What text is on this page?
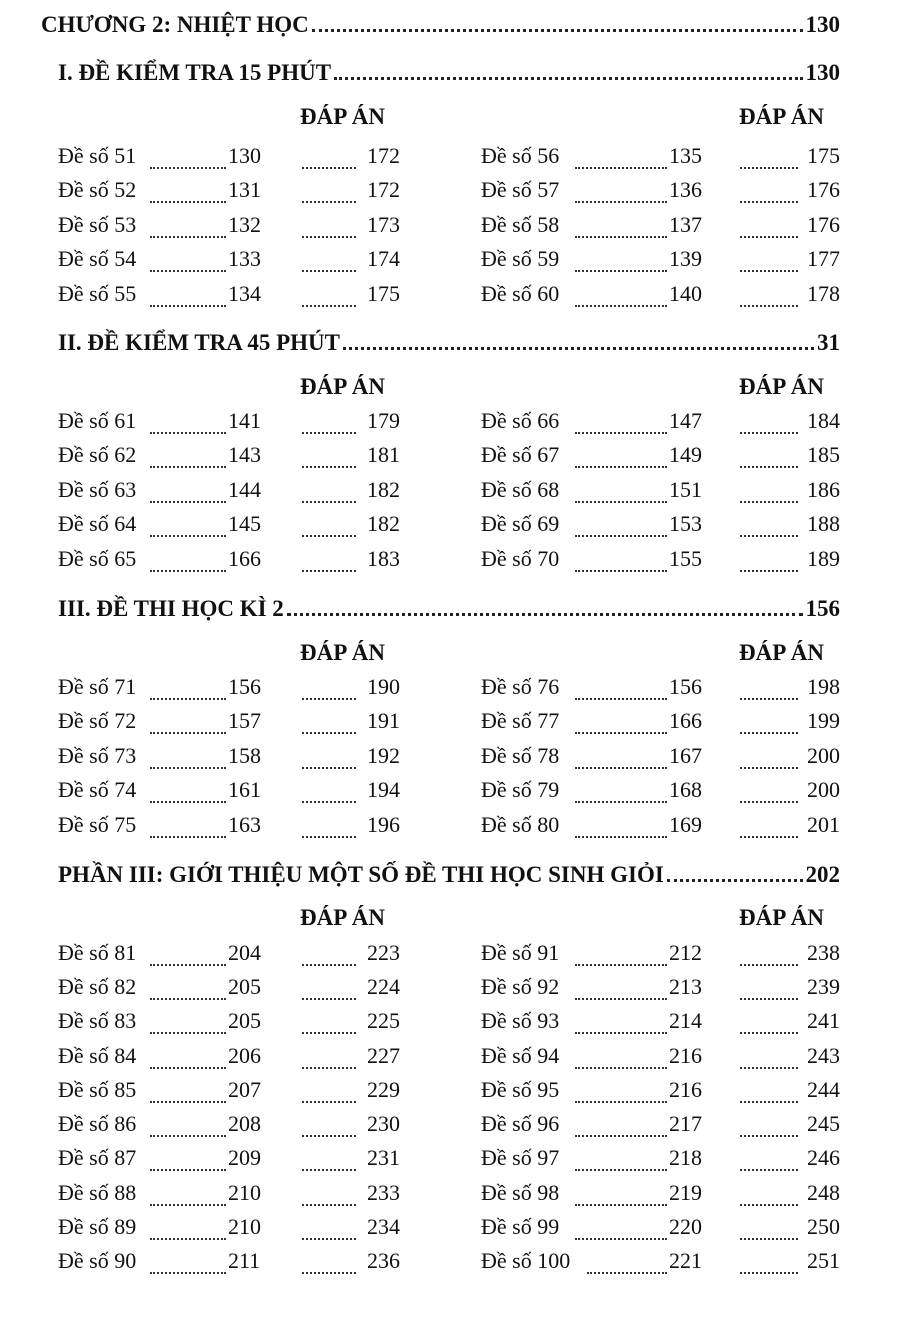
CHƯƠNG 2: NHIỆT HỌC	130
I. ĐỀ KIỂM TRA 15 PHÚT	130
ĐÁP ÁN	ĐÁP ÁN
Đề số 51	130	172	Đề số 56	135	175
Đề số 52	131	172	Đề số 57	136	176
Đề số 53	132	173	Đề số 58	137	176
Đề số 54	133	174	Đề số 59	139	177
Đề số 55	134	175	Đề số 60	140	178
II. ĐỀ KIỂM TRA 45 PHÚT	31
ĐÁP ÁN	ĐÁP ÁN
Đề số 61	141	179	Đề số 66	147	184
Đề số 62	143	181	Đề số 67	149	185
Đề số 63	144	182	Đề số 68	151	186
Đề số 64	145	182	Đề số 69	153	188
Đề số 65	166	183	Đề số 70	155	189
III. ĐỀ THI HỌC KÌ 2	156
ĐÁP ÁN	ĐÁP ÁN
Đề số 71	156	190	Đề số 76	156	198
Đề số 72	157	191	Đề số 77	166	199
Đề số 73	158	192	Đề số 78	167	200
Đề số 74	161	194	Đề số 79	168	200
Đề số 75	163	196	Đề số 80	169	201
PHẦN III: GIỚI THIỆU MỘT SỐ ĐỀ THI HỌC SINH GIỎI	202
ĐÁP ÁN	ĐÁP ÁN
Đề số 81	204	223	Đề số 91	212	238
Đề số 82	205	224	Đề số 92	213	239
Đề số 83	205	225	Đề số 93	214	241
Đề số 84	206	227	Đề số 94	216	243
Đề số 85	207	229	Đề số 95	216	244
Đề số 86	208	230	Đề số 96	217	245
Đề số 87	209	231	Đề số 97	218	246
Đề số 88	210	233	Đề số 98	219	248
Đề số 89	210	234	Đề số 99	220	250
Đề số 90	211	236	Đề số 100	221	251
